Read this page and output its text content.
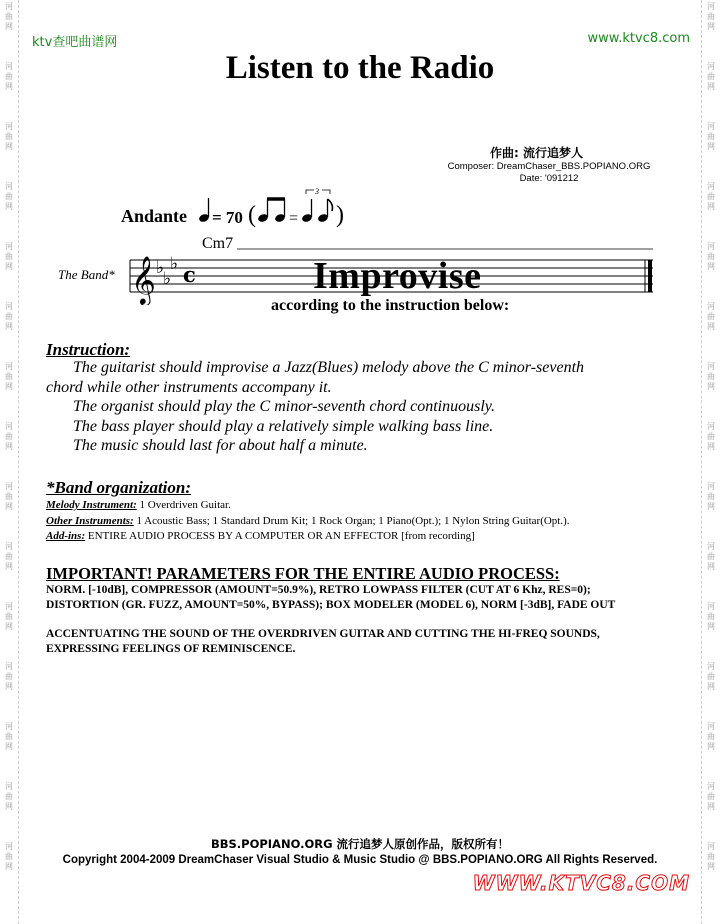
ktv查吧曲谱网	www.ktvc8.com
Listen to the Radio
作曲: 流行追梦人
Composer: DreamChaser_BBS.POPIANO.ORG
Date: '091212
Andante = 70 ( =
3
)
The Band*
Cm7
𝄞 ♭
♭
♭ c	Improvise
according to the instruction below:
Instruction:

The guitarist should improvise a Jazz(Blues) melody above the C minor-seventh

chord while other instruments accompany it.

The organist should play the C minor-seventh chord continuously.

The bass player should play a relatively simple walking bass line.

The music should last for about half a minute.

*Band organization:

Melody Instrument: 1 Overdriven Guitar.

Other Instruments: 1 Acoustic Bass; 1 Standard Drum Kit; 1 Rock Organ; 1 Piano(Opt.); 1 Nylon String Guitar(Opt.).

Add-ins: ENTIRE AUDIO PROCESS BY A COMPUTER OR AN EFFECTOR [from recording]

IMPORTANT! PARAMETERS FOR THE ENTIRE AUDIO PROCESS:
NORM. [-10dB], COMPRESSOR (AMOUNT=50.9%), RETRO LOWPASS FILTER (CUT AT 6 Khz, RES=0);
DISTORTION (GR. FUZZ, AMOUNT=50%, BYPASS); BOX MODELER (MODEL 6), NORM [-3dB], FADE OUT
ACCENTUATING THE SOUND OF THE OVERDRIVEN GUITAR AND CUTTING THE HI-FREQ SOUNDS,
EXPRESSING FEELINGS OF REMINISCENCE.
BBS.POPIANO.ORG 流行追梦人原创作品，版权所有！
Copyright 2004-2009 DreamChaser Visual Studio & Music Studio @ BBS.POPIANO.ORG All Rights Reserved.
WWW.KTVC8.COM
河
曲
网
河
曲
网
河
曲
网
河
曲
网
河
曲
网
河
曲
网
河
曲
网
河
曲
网
河
曲
网
河
曲
网
河
曲
网
河
曲
网
河
曲
网
河
曲
网
河
曲
网
河
曲
网
河
曲
网
河
曲
网
河
曲
网
河
曲
网
河
曲
网
河
曲
网
河
曲
网
河
曲
网
河
曲
网
河
曲
网
河
曲
网
河
曲
网
河
曲
网
河
曲
网
